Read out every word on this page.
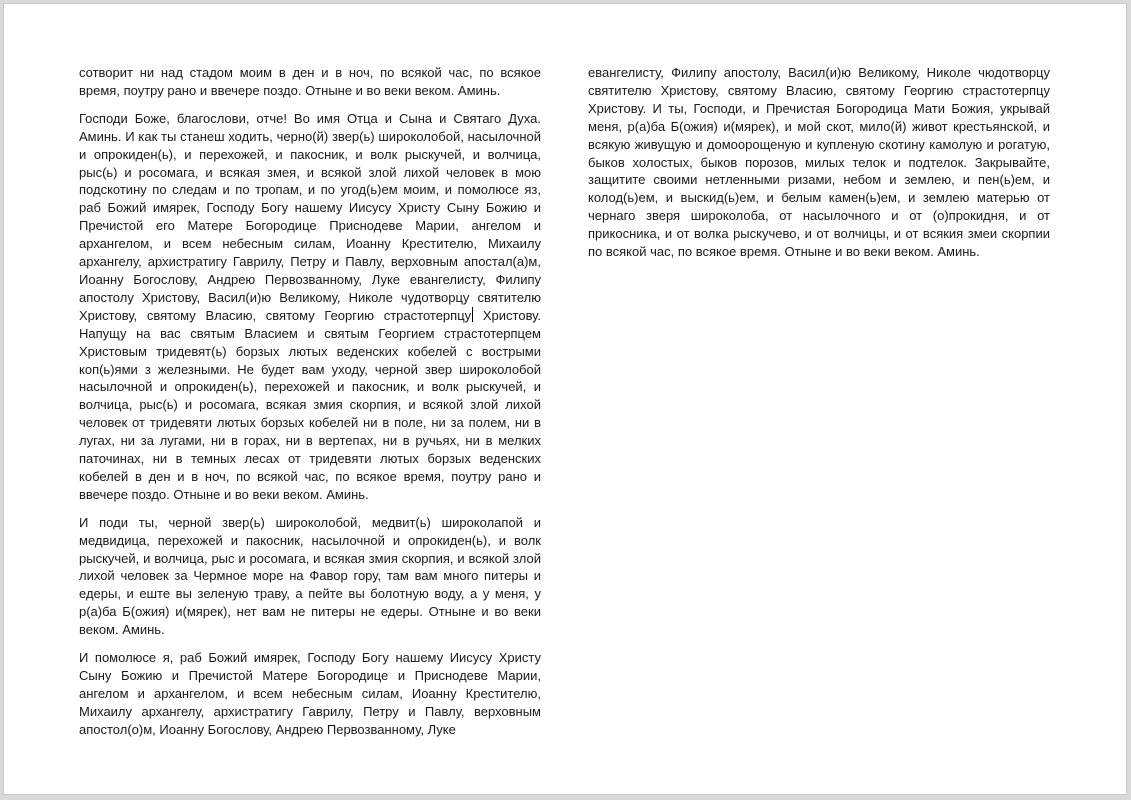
сотворит ни над стадом моим в ден и в ноч, по всякой час, по всякое время, поутру рано и ввечере поздо. Отныне и во веки веком. Аминь.

Господи Боже, благослови, отче! Во имя Отца и Сына и Святаго Духа. Аминь. И как ты станеш ходить, черно(й) звер(ь) широколобой, насылочной и опрокиден(ь), и перехожей, и пакосник, и волк рыскучей, и волчица, рыс(ь) и росомага, и всякая змея, и всякой злой лихой человек в мою подскотину по следам и по тропам, и по угод(ь)ем моим, и помолюсе яз, раб Божий имярек, Господу Богу нашему Иисусу Христу Сыну Божию и Пречистой его Матере Богородице Приснодеве Марии, ангелом и архангелом, и всем небесным силам, Иоанну Крестителю, Михаилу архангелу, архистратигу Гаврилу, Петру и Павлу, верховным апостал(а)м, Иоанну Богослову, Андрею Первозванному, Луке евангелисту, Филипу апостолу Христову, Васил(и)ю Великому, Николе чудотворцу святителю Христову, святому Власию, святому Георгию страстотерпцу Христову. Напущу на вас святым Власием и святым Георгием страстотерпцем Христовым тридевят(ь) борзых лютых веденских кобелей с вострыми коп(ь)ями з железными. Не будет вам уходу, черной звер широколобой насылочной и опрокиден(ь), перехожей и пакосник, и волк рыскучей, и волчица, рыс(ь) и росомага, всякая змия скорпия, и всякой злой лихой человек от тридевяти лютых борзых кобелей ни в поле, ни за полем, ни в лугах, ни за лугами, ни в горах, ни в вертепах, ни в ручьях, ни в мелких паточинах, ни в темных лесах от тридевяти лютых борзых веденских кобелей в ден и в ноч, по всякой час, по всякое время, поутру рано и ввечере поздо. Отныне и во веки веком. Аминь.

И поди ты, черной звер(ь) широколобой, медвит(ь) широколапой и медвидица, перехожей и пакосник, насылочной и опрокиден(ь), и волк рыскучей, и волчица, рыс и росомага, и всякая змия скорпия, и всякой злой лихой человек за Чермное море на Фавор гору, там вам много питеры и едеры, и еште вы зеленую траву, а пейте вы болотную воду, а у меня, у р(а)ба Б(ожия) и(мярек), нет вам не питеры не едеры. Отныне и во веки веком. Аминь.

И помолюсе я, раб Божий имярек, Господу Богу нашему Иисусу Христу Сыну Божию и Пречистой Матере Богородице и Приснодеве Марии, ангелом и архангелом, и всем небесным силам, Иоанну Крестителю, Михаилу архангелу, архистратигу Гаврилу, Петру и Павлу, верховным апостол(о)м, Иоанну Богослову, Андрею Первозванному, Луке

евангелисту, Филипу апостолу, Васил(и)ю Великому, Николе чюдотворцу святителю Христову, святому Власию, святому Георгию страстотерпцу Христову. И ты, Господи, и Пречистая Богородица Мати Божия, укрывай меня, р(а)ба Б(ожия) и(мярек), и мой скот, мило(й) живот крестьянской, и всякую живущую и домоорощеную и купленую скотину камолую и рогатую, быков холостых, быков порозов, милых телок и подтелок. Закрывайте, защитите своими нетленными ризами, небом и землею, и пен(ь)ем, и колод(ь)ем, и выскид(ь)ем, и белым камен(ь)ем, и землею матерью от чернаго зверя широколоба, от насылочного и от (о)прокидня, и от прикосника, и от волка рыскучево, и от волчицы, и от всякия змеи скорпии по всякой час, по всякое время. Отныне и во веки веком. Аминь.
